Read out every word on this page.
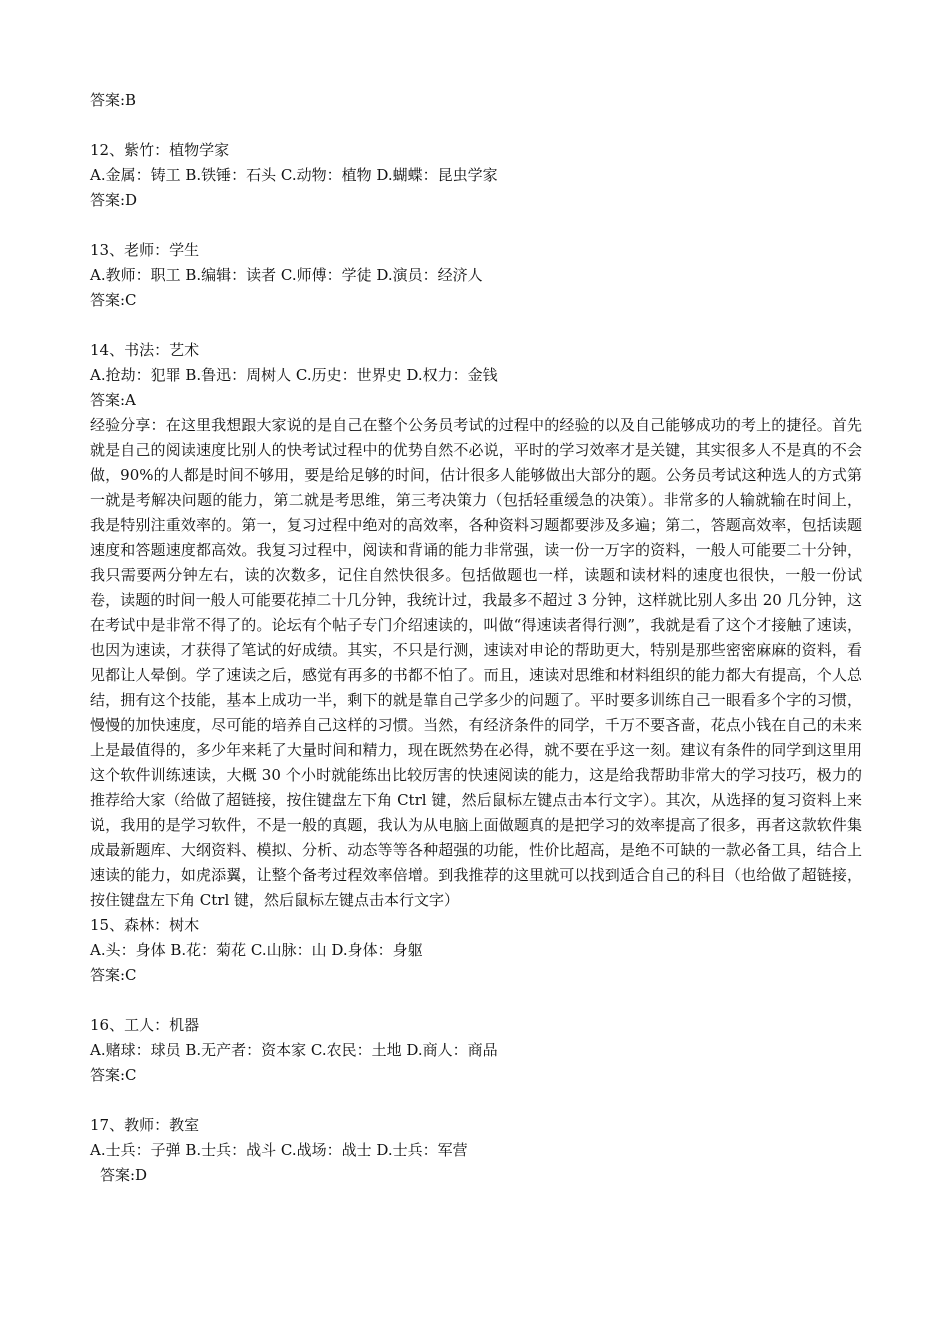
答案:B
12、紫竹：植物学家
A.金属：铸工 B.铁锤：石头 C.动物：植物 D.蝴蝶：昆虫学家
答案:D
13、老师：学生
A.教师：职工 B.编辑：读者 C.师傅：学徒 D.演员：经济人
答案:C
14、书法：艺术
A.抢劫：犯罪 B.鲁迅：周树人 C.历史：世界史 D.权力：金钱
答案:A
经验分享：在这里我想跟大家说的是自己在整个公务员考试的过程中的经验的以及自己能够成功的考上的捷径。首先就是自己的阅读速度比别人的快考试过程中的优势自然不必说，平时的学习效率才是关键，其实很多人不是真的不会做，90%的人都是时间不够用，要是给足够的时间，估计很多人能够做出大部分的题。公务员考试这种选人的方式第一就是考解决问题的能力，第二就是考思维，第三考决策力（包括轻重缓急的决策）。非常多的人输就输在时间上，我是特别注重效率的。第一，复习过程中绝对的高效率，各种资料习题都要涉及多遍；第二，答题高效率，包括读题速度和答题速度都高效。我复习过程中，阅读和背诵的能力非常强，读一份一万字的资料，一般人可能要二十分钟，我只需要两分钟左右，读的次数多，记住自然快很多。包括做题也一样，读题和读材料的速度也很快，一般一份试卷，读题的时间一般人可能要花掉二十几分钟，我统计过，我最多不超过 3 分钟，这样就比别人多出 20 几分钟，这在考试中是非常不得了的。论坛有个帖子专门介绍速读的，叫做“得速读者得行测”，我就是看了这个才接触了速读，也因为速读，才获得了笔试的好成绩。其实，不只是行测，速读对申论的帮助更大，特别是那些密密麻麻的资料，看见都让人晕倒。学了速读之后，感觉有再多的书都不怕了。而且，速读对思维和材料组织的能力都大有提高，个人总结，拥有这个技能，基本上成功一半，剩下的就是靠自己学多少的问题了。平时要多训练自己一眼看多个字的习惯，慢慢的加快速度，尽可能的培养自己这样的习惯。当然，有经济条件的同学，千万不要吝啬，花点小钱在自己的未来上是最值得的，多少年来耗了大量时间和精力，现在既然势在必得，就不要在乎这一刻。建议有条件的同学到这里用这个软件训练速读，大概 30 个小时就能练出比较厉害的快速阅读的能力，这是给我帮助非常大的学习技巧，极力的推荐给大家（给做了超链接，按住键盘左下角 Ctrl 键，然后鼠标左键点击本行文字）。其次，从选择的复习资料上来说，我用的是学习软件，不是一般的真题，我认为从电脑上面做题真的是把学习的效率提高了很多，再者这款软件集成最新题库、大纲资料、模拟、分析、动态等等各种超强的功能，性价比超高，是绝不可缺的一款必备工具，结合上速读的能力，如虎添翼，让整个备考过程效率倍增。到我推荐的这里就可以找到适合自己的科目（也给做了超链接，按住键盘左下角 Ctrl 键，然后鼠标左键点击本行文字）
15、森林：树木
A.头：身体 B.花：菊花 C.山脉：山 D.身体：身躯
答案:C
16、工人：机器
A.赌球：球员 B.无产者：资本家 C.农民：土地 D.商人：商品
答案:C
17、教师：教室
A.士兵：子弹 B.士兵：战斗 C.战场：战士 D.士兵：军营
答案:D
